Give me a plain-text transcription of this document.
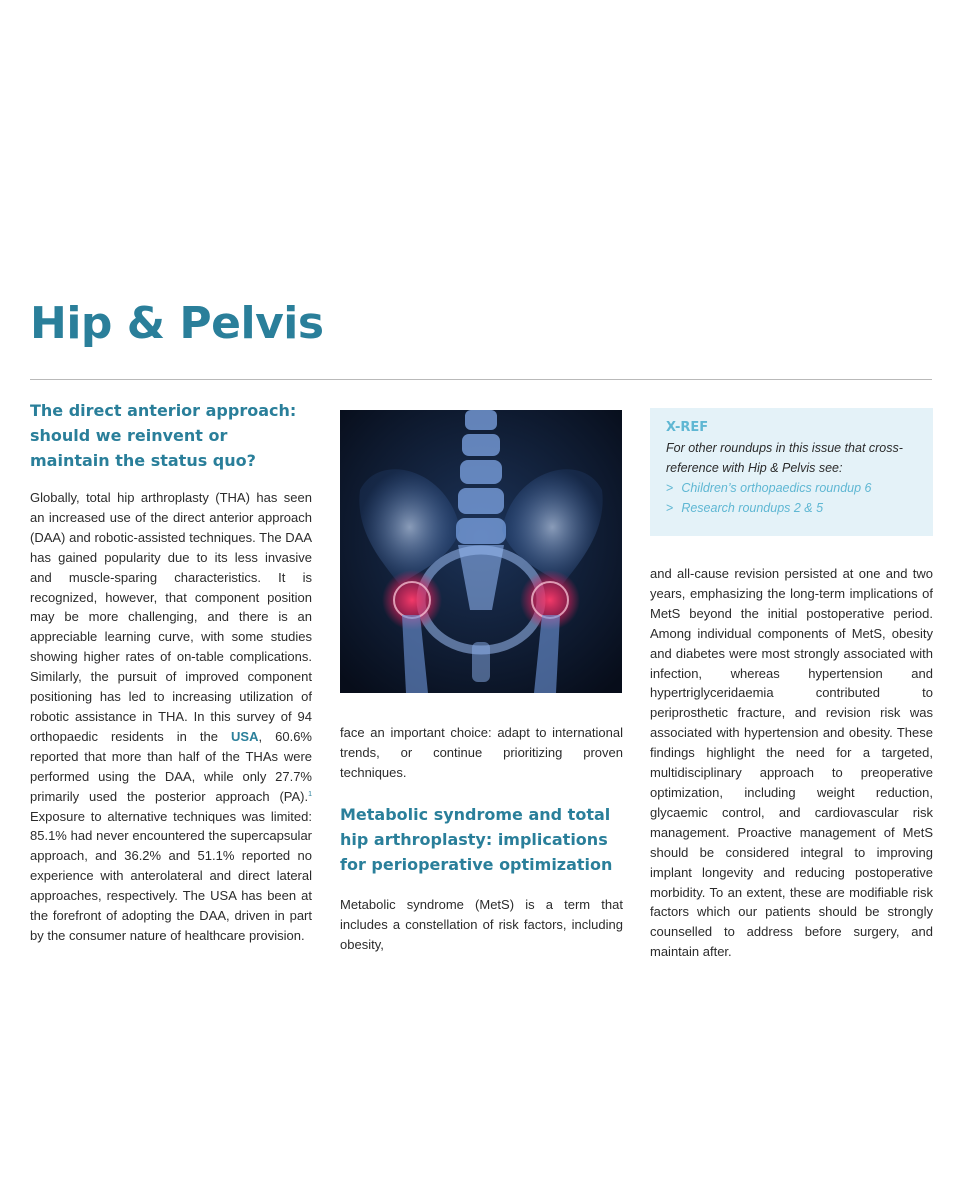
Hip & Pelvis
The direct anterior approach: should we reinvent or maintain the status quo?

Globally, total hip arthroplasty (THA) has seen an increased use of the direct anterior approach (DAA) and robotic-assisted techniques. The DAA has gained popularity due to its less invasive and muscle-sparing characteristics. It is recognized, however, that component position may be more challenging, and there is an appreciable learning curve, with some studies showing higher rates of on-table complications. Similarly, the pursuit of improved component positioning has led to increasing utilization of robotic assistance in THA. In this survey of 94 orthopaedic residents in the USA, 60.6% reported that more than half of the THAs were performed using the DAA, while only 27.7% primarily used the posterior approach (PA).$^1$ Exposure to alternative techniques was limited: 85.1% had never encountered the supercapsular approach, and 36.2% and 51.1% reported no experience with anterolateral and direct lateral approaches, respectively. The USA has been at the forefront of adopting the DAA, driven in part by the consumer nature of healthcare provision.

face an important choice: adapt to international trends, or continue prioritizing proven techniques.

Metabolic syndrome and total hip arthroplasty: implications for perioperative optimization

Metabolic syndrome (MetS) is a term that includes a constellation of risk factors, including obesity,

X-REF

For other roundups in this issue that cross-reference with Hip & Pelvis see:

> Children’s orthopaedics roundup 6

> Research roundups 2 & 5

and all-cause revision persisted at one and two years, emphasizing the long-term implications of MetS beyond the initial postoperative period. Among individual components of MetS, obesity and diabetes were most strongly associated with infection, whereas hypertension and hypertriglyceridaemia contributed to periprosthetic fracture, and revision risk was associated with hypertension and obesity. These findings highlight the need for a targeted, multidisciplinary approach to preoperative optimization, including weight reduction, glycaemic control, and cardiovascular risk management. Proactive management of MetS should be considered integral to improving implant longevity and reducing postoperative morbidity. To an extent, these are modifiable risk factors which our patients should be strongly counselled to address before surgery, and maintain after.
